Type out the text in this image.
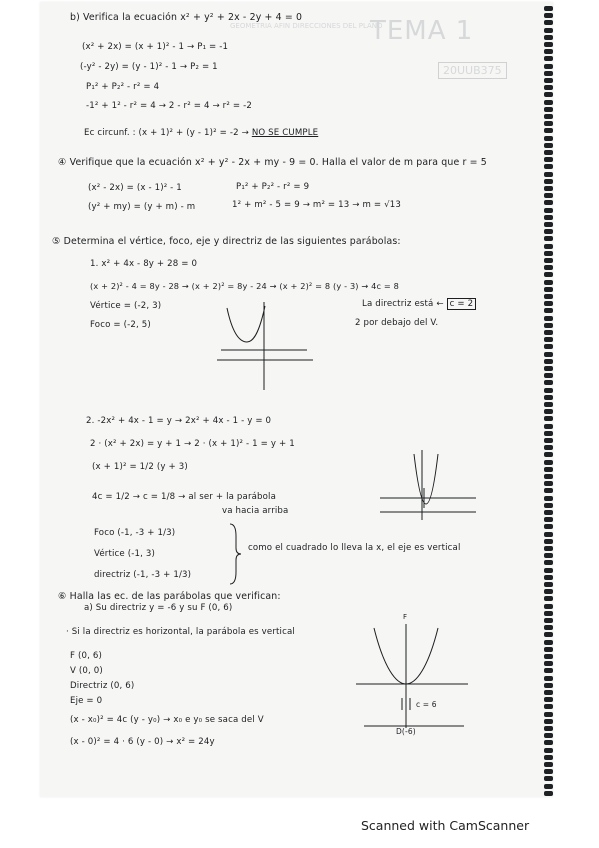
TEMA 1
GEOMETRIA AFIN DIRECCIONES DEL PLANO
20UUB375
b) Verifica la ecuación x² + y² + 2x - 2y + 4 = 0
(x² + 2x) = (x + 1)² - 1 → P₁ = -1
(-y² - 2y) = (y - 1)² - 1 → P₂ = 1
P₁² + P₂² - r² = 4
-1² + 1² - r² = 4 → 2 - r² = 4 → r² = -2
Ec circunf. : (x + 1)² + (y - 1)² = -2 → NO SE CUMPLE
④ Verifique que la ecuación x² + y² - 2x + my - 9 = 0. Halla el valor de m para que r = 5
(x² - 2x) = (x - 1)² - 1	P₁² + P₂² - r² = 9
(y² + my) = (y + m) - m	1² + m² - 5 = 9 → m² = 13 → m = √13
⑤ Determina el vértice, foco, eje y directriz de las siguientes parábolas:
1. x² + 4x - 8y + 28 = 0
(x + 2)² - 4 = 8y - 28 → (x + 2)² = 8y - 24 → (x + 2)² = 8 (y - 3) → 4c = 8
Vértice = (-2, 3)	La directriz está ← c = 2
Foco = (-2, 5)	2 por debajo del V.
2. -2x² + 4x - 1 = y → 2x² + 4x - 1 - y = 0
2 · (x² + 2x) = y + 1 → 2 · (x + 1)² - 1 = y + 1
(x + 1)² = 1/2 (y + 3)
4c = 1/2 → c = 1/8 → al ser + la parábola
va hacia arriba
Foco (-1, -3 + 1/3)
Vértice (-1, 3)
como el cuadrado lo lleva la x, el eje es vertical
directriz (-1, -3 + 1/3)
⑥ Halla las ec. de las parábolas que verifican:
a) Su directriz y = -6 y su F (0, 6)
· Si la directriz es horizontal, la parábola es vertical
F (0, 6)
V (0, 0)
Directriz (0, 6)
Eje = 0
(x - x₀)² = 4c (y - y₀) → x₀ e y₀ se saca del V
(x - 0)² = 4 · 6 (y - 0) → x² = 24y
F
c = 6
D(-6)
Scanned with CamScanner
